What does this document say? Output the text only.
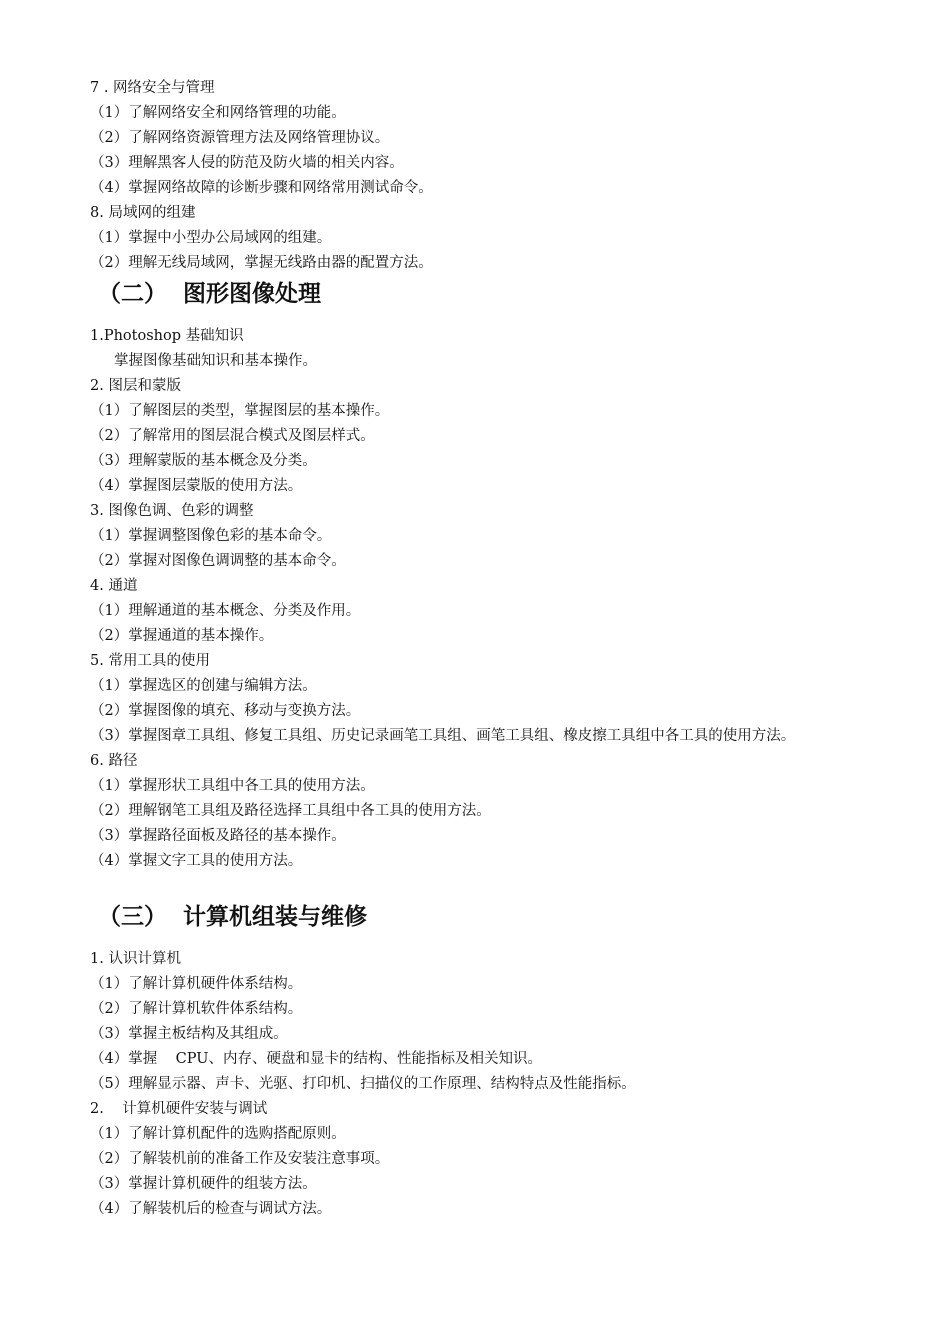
7 . 网络安全与管理
（1）了解网络安全和网络管理的功能。
（2）了解网络资源管理方法及网络管理协议。
（3）理解黑客人侵的防范及防火墙的相关内容。
（4）掌握网络故障的诊断步骤和网络常用测试命令。
8. 局域网的组建
（1）掌握中小型办公局域网的组建。
（2）理解无线局域网，掌握无线路由器的配置方法。
（二）  图形图像处理
1.Photoshop 基础知识
掌握图像基础知识和基本操作。
2. 图层和蒙版
（1）了解图层的类型，掌握图层的基本操作。
（2）了解常用的图层混合模式及图层样式。
（3）理解蒙版的基本概念及分类。
（4）掌握图层蒙版的使用方法。
3. 图像色调、色彩的调整
（1）掌握调整图像色彩的基本命令。
（2）掌握对图像色调调整的基本命令。
4. 通道
（1）理解通道的基本概念、分类及作用。
（2）掌握通道的基本操作。
5. 常用工具的使用
（1）掌握选区的创建与编辑方法。
（2）掌握图像的填充、移动与变换方法。
（3）掌握图章工具组、修复工具组、历史记录画笔工具组、画笔工具组、橡皮擦工具组中各工具的使用方法。
6. 路径
（1）掌握形状工具组中各工具的使用方法。
（2）理解钢笔工具组及路径选择工具组中各工具的使用方法。
（3）掌握路径面板及路径的基本操作。
（4）掌握文字工具的使用方法。
（三）  计算机组装与维修
1. 认识计算机
（1）了解计算机硬件体系结构。
（2）了解计算机软件体系结构。
（3）掌握主板结构及其组成。
（4）掌握    CPU、内存、硬盘和显卡的结构、性能指标及相关知识。
（5）理解显示器、声卡、光驱、打印机、扫描仪的工作原理、结构特点及性能指标。
2.    计算机硬件安装与调试
（1）了解计算机配件的选购搭配原则。
（2）了解装机前的准备工作及安装注意事项。
（3）掌握计算机硬件的组装方法。
（4）了解装机后的检查与调试方法。
